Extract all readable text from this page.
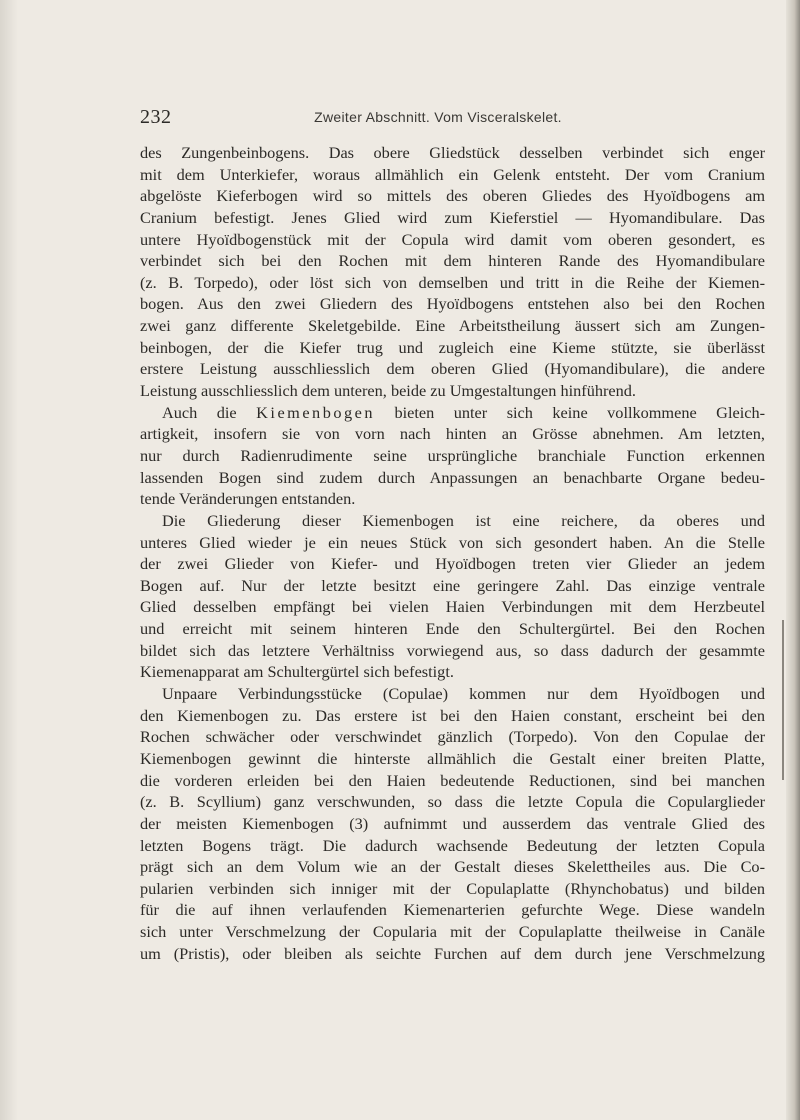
232	Zweiter Abschnitt. Vom Visceralskelet.
des Zungenbeinbogens. Das obere Gliedstück desselben verbindet sich enger
mit dem Unterkiefer, woraus allmählich ein Gelenk entsteht. Der vom Cranium
abgelöste Kieferbogen wird so mittels des oberen Gliedes des Hyoïdbogens am
Cranium befestigt. Jenes Glied wird zum Kieferstiel — Hyomandibulare. Das
untere Hyoïdbogenstück mit der Copula wird damit vom oberen gesondert, es
verbindet sich bei den Rochen mit dem hinteren Rande des Hyomandibulare
(z. B. Torpedo), oder löst sich von demselben und tritt in die Reihe der Kiemen-
bogen. Aus den zwei Gliedern des Hyoïdbogens entstehen also bei den Rochen
zwei ganz differente Skeletgebilde. Eine Arbeitstheilung äussert sich am Zungen-
beinbogen, der die Kiefer trug und zugleich eine Kieme stützte, sie überlässt
erstere Leistung ausschliesslich dem oberen Glied (Hyomandibulare), die andere
Leistung ausschliesslich dem unteren, beide zu Umgestaltungen hinführend.
Auch die Kiemenbogen bieten unter sich keine vollkommene Gleich-
artigkeit, insofern sie von vorn nach hinten an Grösse abnehmen. Am letzten,
nur durch Radienrudimente seine ursprüngliche branchiale Function erkennen
lassenden Bogen sind zudem durch Anpassungen an benachbarte Organe bedeu-
tende Veränderungen entstanden.
Die Gliederung dieser Kiemenbogen ist eine reichere, da oberes und
unteres Glied wieder je ein neues Stück von sich gesondert haben. An die Stelle
der zwei Glieder von Kiefer- und Hyoïdbogen treten vier Glieder an jedem
Bogen auf. Nur der letzte besitzt eine geringere Zahl. Das einzige ventrale
Glied desselben empfängt bei vielen Haien Verbindungen mit dem Herzbeutel
und erreicht mit seinem hinteren Ende den Schultergürtel. Bei den Rochen
bildet sich das letztere Verhältniss vorwiegend aus, so dass dadurch der gesammte
Kiemenapparat am Schultergürtel sich befestigt.
Unpaare Verbindungsstücke (Copulae) kommen nur dem Hyoïdbogen und
den Kiemenbogen zu. Das erstere ist bei den Haien constant, erscheint bei den
Rochen schwächer oder verschwindet gänzlich (Torpedo). Von den Copulae der
Kiemenbogen gewinnt die hinterste allmählich die Gestalt einer breiten Platte,
die vorderen erleiden bei den Haien bedeutende Reductionen, sind bei manchen
(z. B. Scyllium) ganz verschwunden, so dass die letzte Copula die Copularglieder
der meisten Kiemenbogen (3) aufnimmt und ausserdem das ventrale Glied des
letzten Bogens trägt. Die dadurch wachsende Bedeutung der letzten Copula
prägt sich an dem Volum wie an der Gestalt dieses Skelettheiles aus. Die Co-
pularien verbinden sich inniger mit der Copulaplatte (Rhynchobatus) und bilden
für die auf ihnen verlaufenden Kiemenarterien gefurchte Wege. Diese wandeln
sich unter Verschmelzung der Copularia mit der Copulaplatte theilweise in Canäle
um (Pristis), oder bleiben als seichte Furchen auf dem durch jene Verschmelzung
